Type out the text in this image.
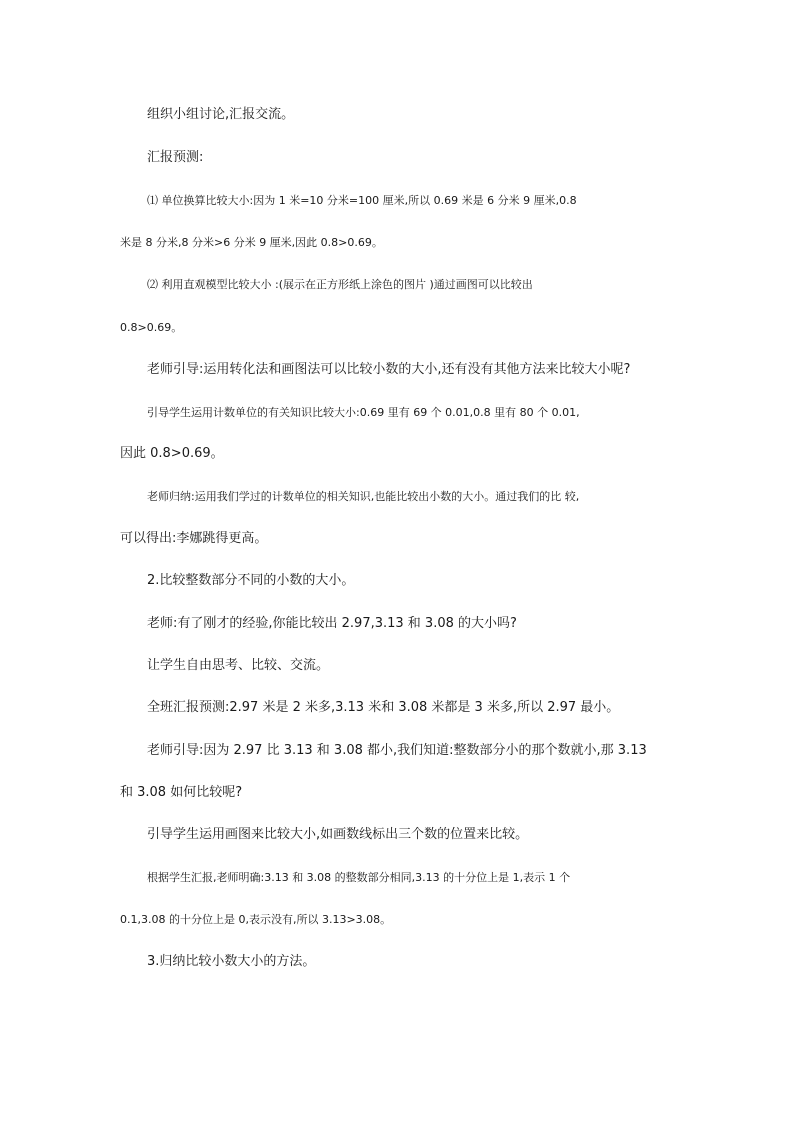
组织小组讨论,汇报交流。
汇报预测:
⑴ 单位换算比较大小:因为 1 米=10 分米=100 厘米,所以 0.69 米是 6 分米 9 厘米,0.8
米是 8 分米,8 分米>6 分米 9 厘米,因此 0.8>0.69。
⑵ 利用直观模型比较大小 :(展示在正方形纸上涂色的图片 )通过画图可以比较出
0.8>0.69。
老师引导:运用转化法和画图法可以比较小数的大小,还有没有其他方法来比较大小呢?
引导学生运用计数单位的有关知识比较大小:0.69 里有 69 个 0.01,0.8 里有 80 个 0.01,
因此 0.8>0.69。
老师归纳:运用我们学过的计数单位的相关知识,也能比较出小数的大小。通过我们的比 较,
可以得出:李娜跳得更高。
2.比较整数部分不同的小数的大小。
老师:有了刚才的经验,你能比较出 2.97,3.13 和 3.08 的大小吗?
让学生自由思考、比较、交流。
全班汇报预测:2.97 米是 2 米多,3.13 米和 3.08 米都是 3 米多,所以 2.97 最小。
老师引导:因为 2.97 比 3.13 和 3.08 都小,我们知道:整数部分小的那个数就小,那 3.13
和 3.08 如何比较呢?
引导学生运用画图来比较大小,如画数线标出三个数的位置来比较。
根据学生汇报,老师明确:3.13 和 3.08 的整数部分相同,3.13 的十分位上是 1,表示 1 个
0.1,3.08 的十分位上是 0,表示没有,所以 3.13>3.08。
3.归纳比较小数大小的方法。
